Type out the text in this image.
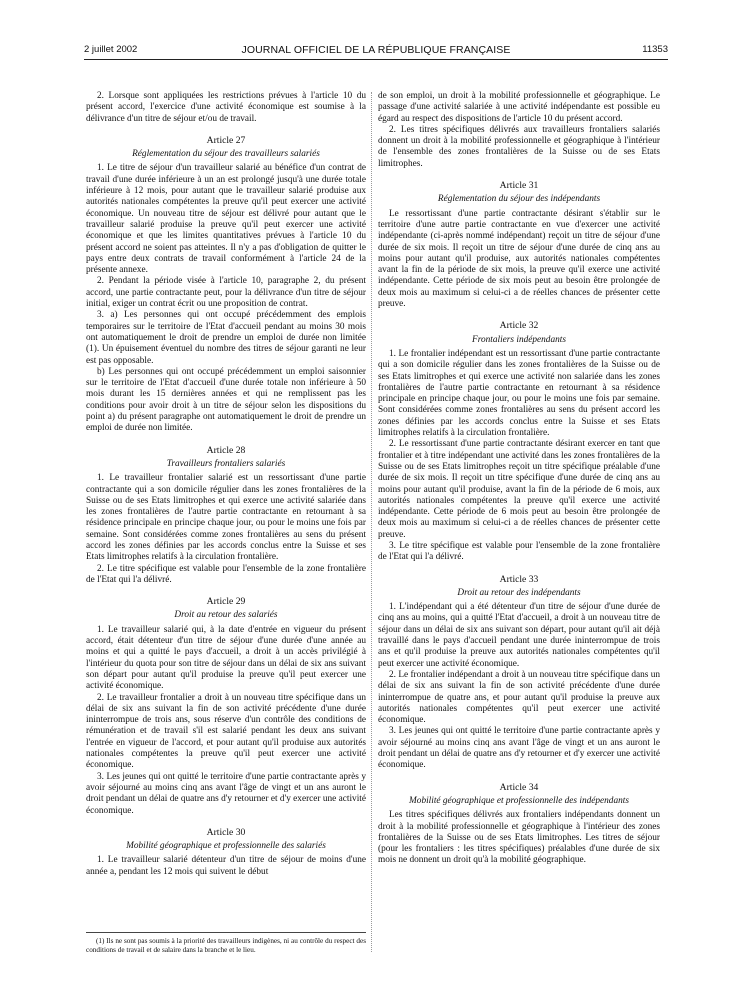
2 juillet 2002	JOURNAL OFFICIEL DE LA RÉPUBLIQUE FRANÇAISE	11353

2. Lorsque sont appliquées les restrictions prévues à l'article 10 du présent accord, l'exercice d'une activité économique est soumise à la délivrance d'un titre de séjour et/ou de travail.

Article 27

Réglementation du séjour des travailleurs salariés

1. Le titre de séjour d'un travailleur salarié au bénéfice d'un contrat de travail d'une durée inférieure à un an est prolongé jusqu'à une durée totale inférieure à 12 mois, pour autant que le travailleur salarié produise aux autorités nationales compétentes la preuve qu'il peut exercer une activité économique. Un nouveau titre de séjour est délivré pour autant que le travailleur salarié produise la preuve qu'il peut exercer une activité économique et que les limites quantitatives prévues à l'article 10 du présent accord ne soient pas atteintes. Il n'y a pas d'obligation de quitter le pays entre deux contrats de travail conformément à l'article 24 de la présente annexe.

2. Pendant la période visée à l'article 10, paragraphe 2, du présent accord, une partie contractante peut, pour la délivrance d'un titre de séjour initial, exiger un contrat écrit ou une proposition de contrat.

3. a) Les personnes qui ont occupé précédemment des emplois temporaires sur le territoire de l'Etat d'accueil pendant au moins 30 mois ont automatiquement le droit de prendre un emploi de durée non limitée (1). Un épuisement éventuel du nombre des titres de séjour garanti ne leur est pas opposable.

b) Les personnes qui ont occupé précédemment un emploi saisonnier sur le territoire de l'Etat d'accueil d'une durée totale non inférieure à 50 mois durant les 15 dernières années et qui ne remplissent pas les conditions pour avoir droit à un titre de séjour selon les dispositions du point a) du présent paragraphe ont automatiquement le droit de prendre un emploi de durée non limitée.

Article 28

Travailleurs frontaliers salariés

1. Le travailleur frontalier salarié est un ressortissant d'une partie contractante qui a son domicile régulier dans les zones frontalières de la Suisse ou de ses Etats limitrophes et qui exerce une activité salariée dans les zones frontalières de l'autre partie contractante en retournant à sa résidence principale en principe chaque jour, ou pour le moins une fois par semaine. Sont considérées comme zones frontalières au sens du présent accord les zones définies par les accords conclus entre la Suisse et ses Etats limitrophes relatifs à la circulation frontalière.

2. Le titre spécifique est valable pour l'ensemble de la zone frontalière de l'Etat qui l'a délivré.

Article 29

Droit au retour des salariés

1. Le travailleur salarié qui, à la date d'entrée en vigueur du présent accord, était détenteur d'un titre de séjour d'une durée d'une année au moins et qui a quitté le pays d'accueil, a droit à un accès privilégié à l'intérieur du quota pour son titre de séjour dans un délai de six ans suivant son départ pour autant qu'il produise la preuve qu'il peut exercer une activité économique.

2. Le travailleur frontalier a droit à un nouveau titre spécifique dans un délai de six ans suivant la fin de son activité précédente d'une durée ininterrompue de trois ans, sous réserve d'un contrôle des conditions de rémunération et de travail s'il est salarié pendant les deux ans suivant l'entrée en vigueur de l'accord, et pour autant qu'il produise aux autorités nationales compétentes la preuve qu'il peut exercer une activité économique.

3. Les jeunes qui ont quitté le territoire d'une partie contractante après y avoir séjourné au moins cinq ans avant l'âge de vingt et un ans auront le droit pendant un délai de quatre ans d'y retourner et d'y exercer une activité économique.

Article 30

Mobilité géographique et professionnelle des salariés

1. Le travailleur salarié détenteur d'un titre de séjour de moins d'une année a, pendant les 12 mois qui suivent le début

(1) Ils ne sont pas soumis à la priorité des travailleurs indigènes, ni au contrôle du respect des conditions de travail et de salaire dans la branche et le lieu.

de son emploi, un droit à la mobilité professionnelle et géographique. Le passage d'une activité salariée à une activité indépendante est possible eu égard au respect des dispositions de l'article 10 du présent accord.

2. Les titres spécifiques délivrés aux travailleurs frontaliers salariés donnent un droit à la mobilité professionnelle et géographique à l'intérieur de l'ensemble des zones frontalières de la Suisse ou de ses Etats limitrophes.

Article 31

Réglementation du séjour des indépendants

Le ressortissant d'une partie contractante désirant s'établir sur le territoire d'une autre partie contractante en vue d'exercer une activité indépendante (ci-après nommé indépendant) reçoit un titre de séjour d'une durée de six mois. Il reçoit un titre de séjour d'une durée de cinq ans au moins pour autant qu'il produise, aux autorités nationales compétentes avant la fin de la période de six mois, la preuve qu'il exerce une activité indépendante. Cette période de six mois peut au besoin être prolongée de deux mois au maximum si celui-ci a de réelles chances de présenter cette preuve.

Article 32

Frontaliers indépendants

1. Le frontalier indépendant est un ressortissant d'une partie contractante qui a son domicile régulier dans les zones frontalières de la Suisse ou de ses Etats limitrophes et qui exerce une activité non salariée dans les zones frontalières de l'autre partie contractante en retournant à sa résidence principale en principe chaque jour, ou pour le moins une fois par semaine. Sont considérées comme zones frontalières au sens du présent accord les zones définies par les accords conclus entre la Suisse et ses Etats limitrophes relatifs à la circulation frontalière.

2. Le ressortissant d'une partie contractante désirant exercer en tant que frontalier et à titre indépendant une activité dans les zones frontalières de la Suisse ou de ses Etats limitrophes reçoit un titre spécifique préalable d'une durée de six mois. Il reçoit un titre spécifique d'une durée de cinq ans au moins pour autant qu'il produise, avant la fin de la période de 6 mois, aux autorités nationales compétentes la preuve qu'il exerce une activité indépendante. Cette période de 6 mois peut au besoin être prolongée de deux mois au maximum si celui-ci a de réelles chances de présenter cette preuve.

3. Le titre spécifique est valable pour l'ensemble de la zone frontalière de l'Etat qui l'a délivré.

Article 33

Droit au retour des indépendants

1. L'indépendant qui a été détenteur d'un titre de séjour d'une durée de cinq ans au moins, qui a quitté l'Etat d'accueil, a droit à un nouveau titre de séjour dans un délai de six ans suivant son départ, pour autant qu'il ait déjà travaillé dans le pays d'accueil pendant une durée ininterrompue de trois ans et qu'il produise la preuve aux autorités nationales compétentes qu'il peut exercer une activité économique.

2. Le frontalier indépendant a droit à un nouveau titre spécifique dans un délai de six ans suivant la fin de son activité précédente d'une durée ininterrompue de quatre ans, et pour autant qu'il produise la preuve aux autorités nationales compétentes qu'il peut exercer une activité économique.

3. Les jeunes qui ont quitté le territoire d'une partie contractante après y avoir séjourné au moins cinq ans avant l'âge de vingt et un ans auront le droit pendant un délai de quatre ans d'y retourner et d'y exercer une activité économique.

Article 34

Mobilité géographique et professionnelle des indépendants

Les titres spécifiques délivrés aux frontaliers indépendants donnent un droit à la mobilité professionnelle et géographique à l'intérieur des zones frontalières de la Suisse ou de ses Etats limitrophes. Les titres de séjour (pour les frontaliers : les titres spécifiques) préalables d'une durée de six mois ne donnent un droit qu'à la mobilité géographique.
